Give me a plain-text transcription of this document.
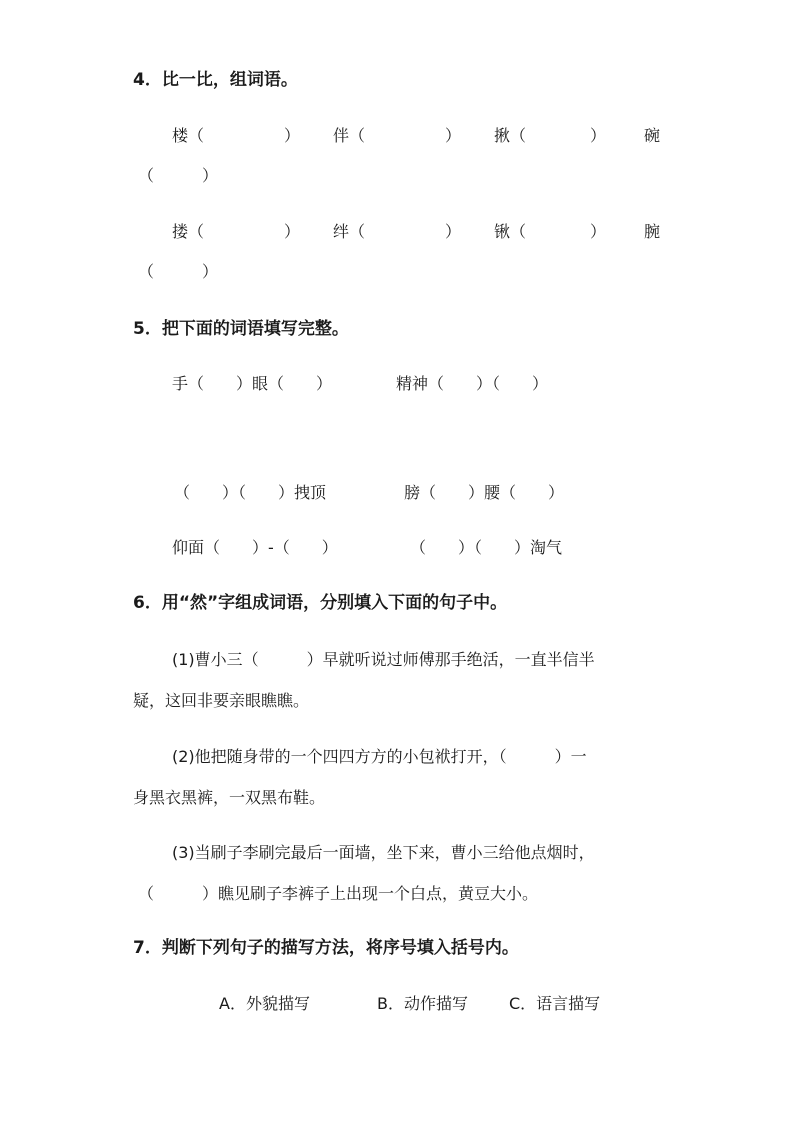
4．比一比，组词语。
楼（　　　　　） 伴（　　　　　） 揪（　　　　） 碗
（　　　）
搂（　　　　　） 绊（　　　　　） 锹（　　　　） 腕
（　　　）
5．把下面的词语填写完整。
手（　　）眼（　　）	精神（　　）（　　）
（　　）（　　）拽顶	膀（　　）腰（　　）
仰面（　　）-（　　）	（　　）（　　）淘气
6．用“然”字组成词语，分别填入下面的句子中。
(1)曹小三（　　　）早就听说过师傅那手绝活，一直半信半
疑，这回非要亲眼瞧瞧。
(2)他把随身带的一个四四方方的小包袱打开，（　　　）一
身黑衣黑裤，一双黑布鞋。
(3)当刷子李刷完最后一面墙，坐下来，曹小三给他点烟时，
（　　　）瞧见刷子李裤子上出现一个白点，黄豆大小。
7．判断下列句子的描写方法，将序号填入括号内。
A．外貌描写	B．动作描写	C．语言描写
